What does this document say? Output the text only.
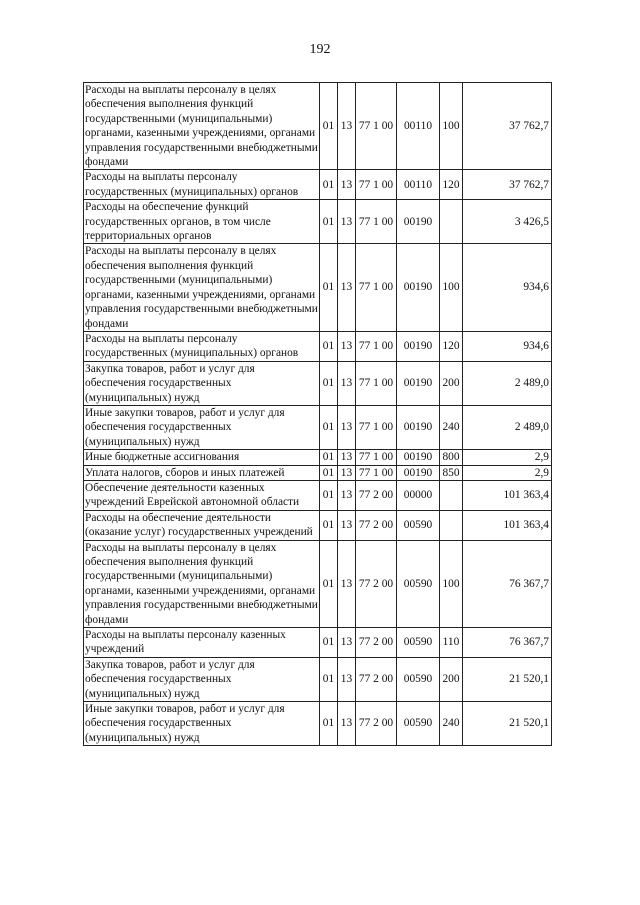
192
Расходы на выплаты персоналу в целях обеспечения выполнения функций государственными (муниципальными) органами, казенными учреждениями, органами управления государственными внебюджетными фондами	01	13	77 1 00	00110	100	37 762,7
Расходы на выплаты персоналу государственных (муниципальных) органов	01	13	77 1 00	00110	120	37 762,7
Расходы на обеспечение функций государственных органов, в том числе территориальных органов	01	13	77 1 00	00190		3 426,5
Расходы на выплаты персоналу в целях обеспечения выполнения функций государственными (муниципальными) органами, казенными учреждениями, органами управления государственными внебюджетными фондами	01	13	77 1 00	00190	100	934,6
Расходы на выплаты персоналу государственных (муниципальных) органов	01	13	77 1 00	00190	120	934,6
Закупка товаров, работ и услуг для обеспечения государственных (муниципальных) нужд	01	13	77 1 00	00190	200	2 489,0
Иные закупки товаров, работ и услуг для обеспечения государственных (муниципальных) нужд	01	13	77 1 00	00190	240	2 489,0
Иные бюджетные ассигнования	01	13	77 1 00	00190	800	2,9
Уплата налогов, сборов и иных платежей	01	13	77 1 00	00190	850	2,9
Обеспечение деятельности казенных учреждений Еврейской автономной области	01	13	77 2 00	00000		101 363,4
Расходы на обеспечение деятельности (оказание услуг) государственных учреждений	01	13	77 2 00	00590		101 363,4
Расходы на выплаты персоналу в целях обеспечения выполнения функций государственными (муниципальными) органами, казенными учреждениями, органами управления государственными внебюджетными фондами	01	13	77 2 00	00590	100	76 367,7
Расходы на выплаты персоналу казенных учреждений	01	13	77 2 00	00590	110	76 367,7
Закупка товаров, работ и услуг для обеспечения государственных (муниципальных) нужд	01	13	77 2 00	00590	200	21 520,1
Иные закупки товаров, работ и услуг для обеспечения государственных (муниципальных) нужд	01	13	77 2 00	00590	240	21 520,1
